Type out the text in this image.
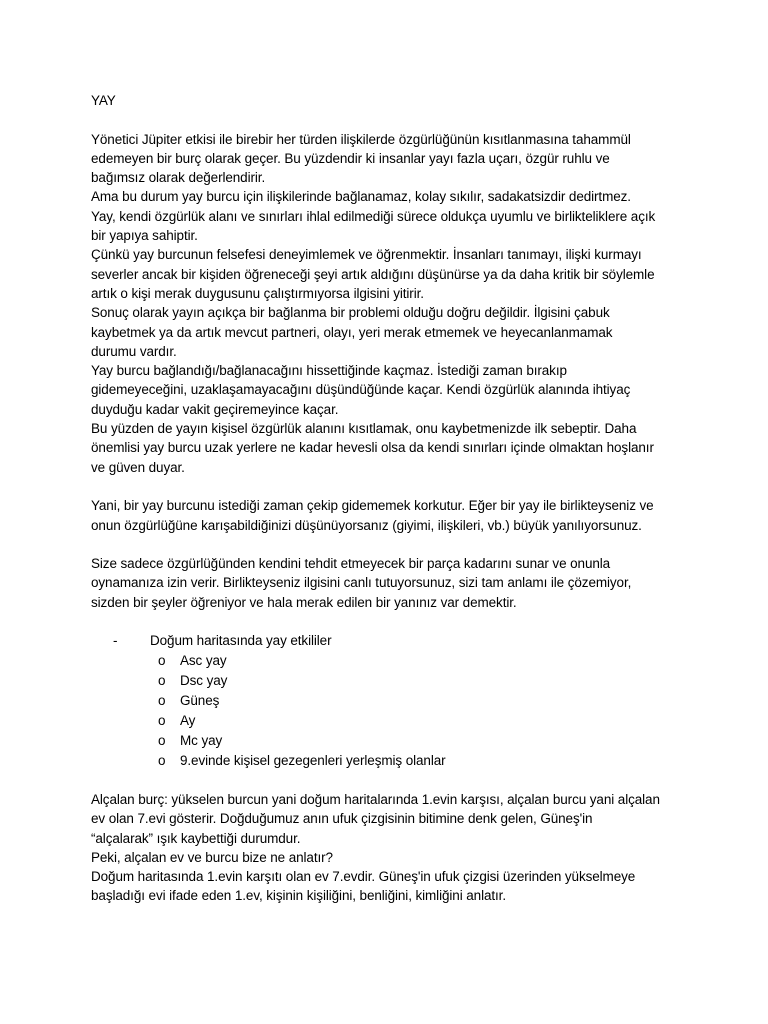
YAY
Yönetici Jüpiter etkisi ile birebir her türden ilişkilerde özgürlüğünün kısıtlanmasına tahammül
edemeyen bir burç olarak geçer. Bu yüzdendir ki insanlar yayı fazla uçarı, özgür ruhlu ve
bağımsız olarak değerlendirir.
Ama bu durum yay burcu için ilişkilerinde bağlanamaz, kolay sıkılır, sadakatsizdir dedirtmez.
Yay, kendi özgürlük alanı ve sınırları ihlal edilmediği sürece oldukça uyumlu ve birlikteliklere açık
bir yapıya sahiptir.
Çünkü yay burcunun felsefesi deneyimlemek ve öğrenmektir. İnsanları tanımayı, ilişki kurmayı
severler ancak bir kişiden öğreneceği şeyi artık aldığını düşünürse ya da daha kritik bir söylemle
artık o kişi merak duygusunu çalıştırmıyorsa ilgisini yitirir.
Sonuç olarak yayın açıkça bir bağlanma bir problemi olduğu doğru değildir. İlgisini çabuk
kaybetmek ya da artık mevcut partneri, olayı, yeri merak etmemek ve heyecanlanmamak
durumu vardır.
Yay burcu bağlandığı/bağlanacağını hissettiğinde kaçmaz. İstediği zaman bırakıp
gidemeyeceğini, uzaklaşamayacağını düşündüğünde kaçar. Kendi özgürlük alanında ihtiyaç
duyduğu kadar vakit geçiremeyince kaçar.
Bu yüzden de yayın kişisel özgürlük alanını kısıtlamak, onu kaybetmenizde ilk sebeptir. Daha
önemlisi yay burcu uzak yerlere ne kadar hevesli olsa da kendi sınırları içinde olmaktan hoşlanır
ve güven duyar.
Yani, bir yay burcunu istediği zaman çekip gidememek korkutur. Eğer bir yay ile birlikteyseniz ve
onun özgürlüğüne karışabildiğinizi düşünüyorsanız (giyimi, ilişkileri, vb.) büyük yanılıyorsunuz.
Size sadece özgürlüğünden kendini tehdit etmeyecek bir parça kadarını sunar ve onunla
oynamanıza izin verir. Birlikteyseniz ilgisini canlı tutuyorsunuz, sizi tam anlamı ile çözemiyor,
sizden bir şeyler öğreniyor ve hala merak edilen bir yanınız var demektir.
- Doğum haritasında yay etkililer
o Asc yay
o Dsc yay
o Güneş
o Ay
o Mc yay
o 9.evinde kişisel gezegenleri yerleşmiş olanlar
Alçalan burç: yükselen burcun yani doğum haritalarında 1.evin karşısı, alçalan burcu yani alçalan
ev olan 7.evi gösterir. Doğduğumuz anın ufuk çizgisinin bitimine denk gelen, Güneş'in
“alçalarak” ışık kaybettiği durumdur.
Peki, alçalan ev ve burcu bize ne anlatır?
Doğum haritasında 1.evin karşıtı olan ev 7.evdir. Güneş'in ufuk çizgisi üzerinden yükselmeye
başladığı evi ifade eden 1.ev, kişinin kişiliğini, benliğini, kimliğini anlatır.
